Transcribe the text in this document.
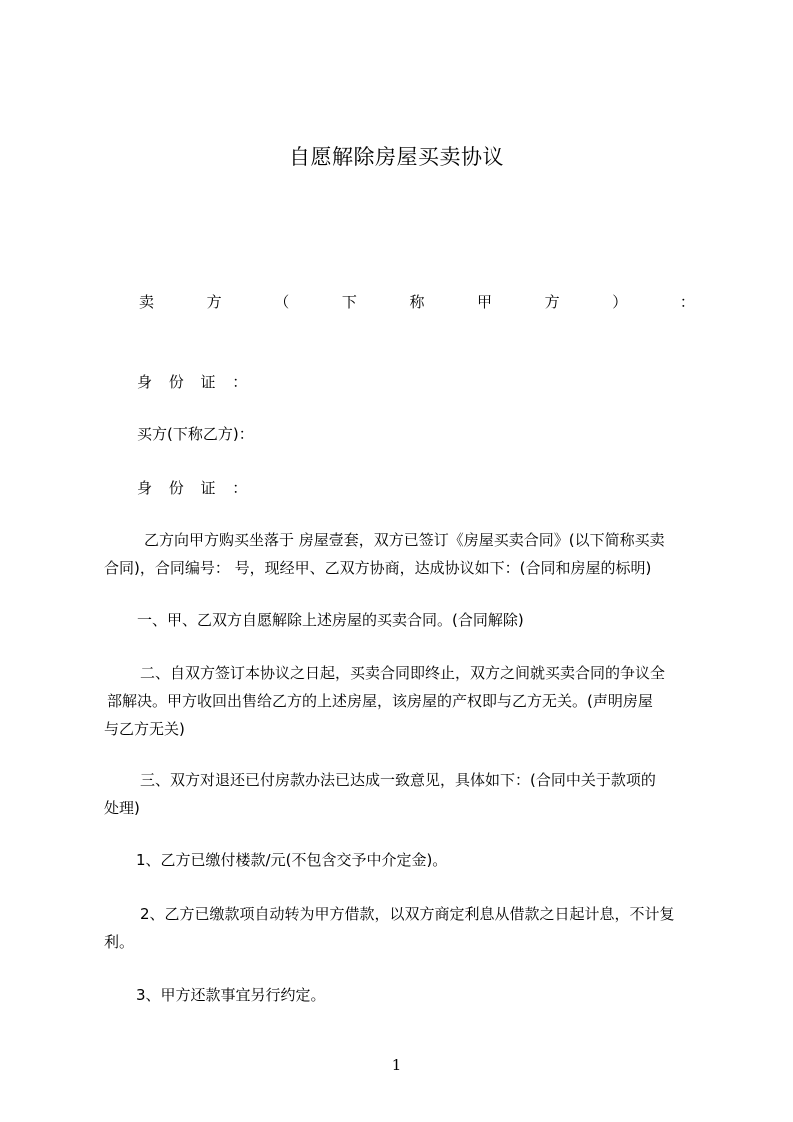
自愿解除房屋买卖协议
卖	方	（	下	称	甲	方	）	：
身 份 证 ：
买方(下称乙方)：
身 份 证 ：
乙方向甲方购买坐落于 房屋壹套，双方已签订《房屋买卖合同》(以下简称买卖
合同)，合同编号： 号，现经甲、乙双方协商，达成协议如下：(合同和房屋的标明)
一、甲、乙双方自愿解除上述房屋的买卖合同。(合同解除)
二、自双方签订本协议之日起，买卖合同即终止，双方之间就买卖合同的争议全
部解决。甲方收回出售给乙方的上述房屋，该房屋的产权即与乙方无关。(声明房屋
与乙方无关)
三、双方对退还已付房款办法已达成一致意见，具体如下：(合同中关于款项的
处理)
1、乙方已缴付楼款/元(不包含交予中介定金)。
2、乙方已缴款项自动转为甲方借款，以双方商定利息从借款之日起计息，不计复
利。
3、甲方还款事宜另行约定。
1
